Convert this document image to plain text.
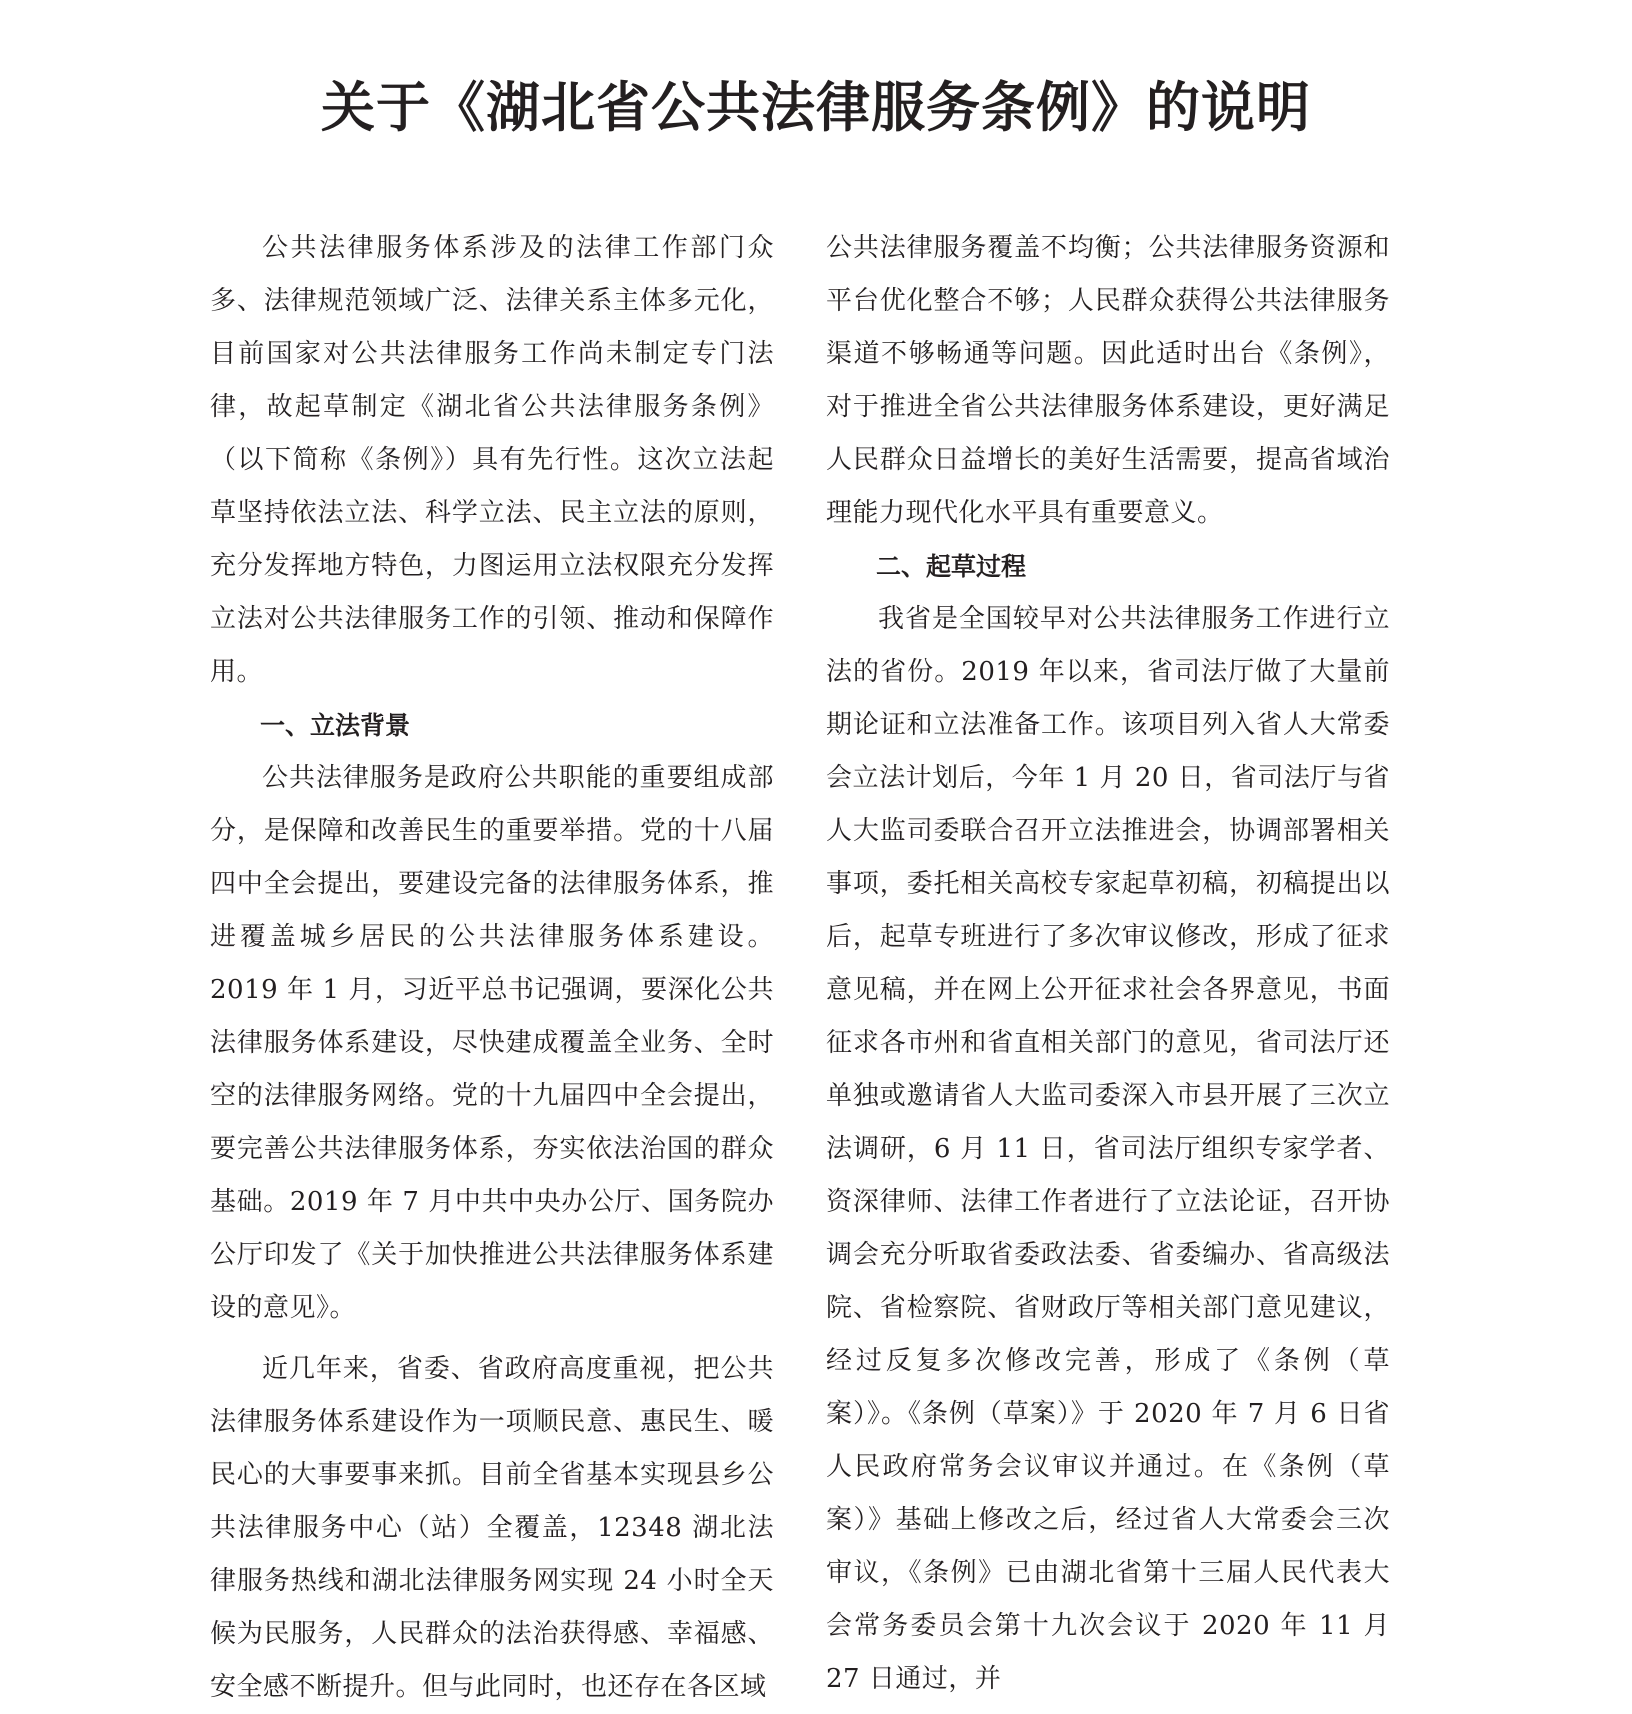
关于《湖北省公共法律服务条例》的说明

公共法律服务体系涉及的法律工作部门众多、法律规范领域广泛、法律关系主体多元化，目前国家对公共法律服务工作尚未制定专门法律，故起草制定《湖北省公共法律服务条例》（以下简称《条例》）具有先行性。这次立法起草坚持依法立法、科学立法、民主立法的原则，充分发挥地方特色，力图运用立法权限充分发挥立法对公共法律服务工作的引领、推动和保障作用。

一、立法背景

公共法律服务是政府公共职能的重要组成部分，是保障和改善民生的重要举措。党的十八届四中全会提出，要建设完备的法律服务体系，推进覆盖城乡居民的公共法律服务体系建设。2019 年 1 月，习近平总书记强调，要深化公共法律服务体系建设，尽快建成覆盖全业务、全时空的法律服务网络。党的十九届四中全会提出，要完善公共法律服务体系，夯实依法治国的群众基础。2019 年 7 月中共中央办公厅、国务院办公厅印发了《关于加快推进公共法律服务体系建设的意见》。

近几年来，省委、省政府高度重视，把公共法律服务体系建设作为一项顺民意、惠民生、暖民心的大事要事来抓。目前全省基本实现县乡公共法律服务中心（站）全覆盖，12348 湖北法律服务热线和湖北法律服务网实现 24 小时全天候为民服务，人民群众的法治获得感、幸福感、安全感不断提升。但与此同时，也还存在各区域

公共法律服务覆盖不均衡；公共法律服务资源和平台优化整合不够；人民群众获得公共法律服务渠道不够畅通等问题。因此适时出台《条例》，对于推进全省公共法律服务体系建设，更好满足人民群众日益增长的美好生活需要，提高省域治理能力现代化水平具有重要意义。

二、起草过程

我省是全国较早对公共法律服务工作进行立法的省份。2019 年以来，省司法厅做了大量前期论证和立法准备工作。该项目列入省人大常委会立法计划后，今年 1 月 20 日，省司法厅与省人大监司委联合召开立法推进会，协调部署相关事项，委托相关高校专家起草初稿，初稿提出以后，起草专班进行了多次审议修改，形成了征求意见稿，并在网上公开征求社会各界意见，书面征求各市州和省直相关部门的意见，省司法厅还单独或邀请省人大监司委深入市县开展了三次立法调研，6 月 11 日，省司法厅组织专家学者、资深律师、法律工作者进行了立法论证，召开协调会充分听取省委政法委、省委编办、省高级法院、省检察院、省财政厅等相关部门意见建议，经过反复多次修改完善，形成了《条例（草案）》。《条例（草案）》于 2020 年 7 月 6 日省人民政府常务会议审议并通过。在《条例（草案）》基础上修改之后，经过省人大常委会三次审议，《条例》已由湖北省第十三届人民代表大会常务委员会第十九次会议于 2020 年 11 月 27 日通过，并
